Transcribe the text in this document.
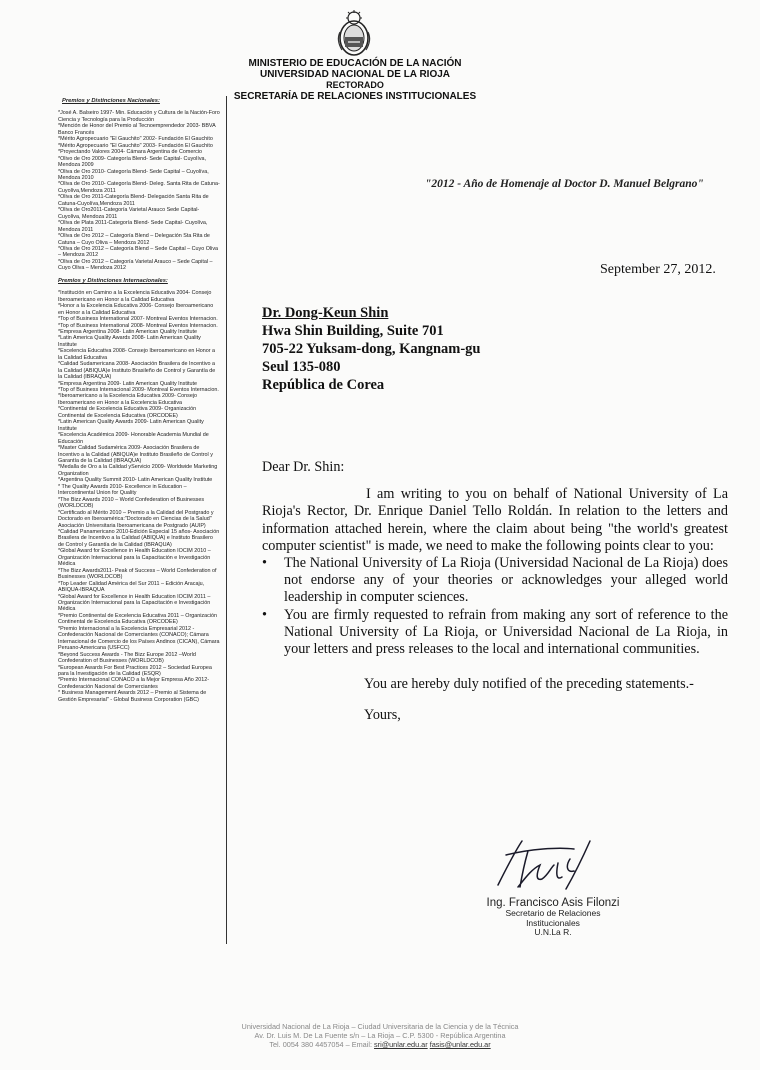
MINISTERIO DE EDUCACIÓN DE LA NACIÓN
UNIVERSIDAD NACIONAL DE LA RIOJA
RECTORADO
SECRETARÍA DE RELACIONES INSTITUCIONALES
Premios y Distinciones Nacionales:
*José A. Balseiro 1997- Min. Educación y Cultura de la Nación-Foro Ciencia y Tecnología para la Producción
*Mención de Honor del Premio al Tecnoemprendedor 2003- BBVA Banco Francés
*Mérito Agropecuario "El Gauchito" 2002- Fundación El Gauchito
*Mérito Agropecuario "El Gauchito" 2003- Fundación El Gauchito
*Proyectando Valores 2004- Cámara Argentina de Comercio
*Olivo de Oro 2009- Categoría Blend- Sede Capital- Cuyolíva, Mendoza 2009
*Oliva de Oro 2010- Categoría Blend- Sede Capital – Cuyolíva, Mendoza 2010
*Oliva de Oro 2010- Categoría Blend- Deleg. Santa Rita de Catuna- Cuyolíva,Mendoza 2011
*Oliva de Oro 2011-Categoría Blend- Delegación Santa Rita de Catuna-Cuyolíva,Mendoza 2011
*Oliva de Oro2011-Categoría Varietal Arauco Sede Capital- Cuyolíva, Mendoza 2011
*Oliva de Plata 2011-Categoría Blend- Sede Capital- Cuyolíva, Mendoza 2011
*Oliva de Oro 2012 – Categoría Blend – Delegación Sta Rita de Catuna – Cuyo Oliva – Mendoza 2012
*Oliva de Oro 2012 – Categoría Blend – Sede Capital – Cuyo Oliva – Mendoza 2012
*Oliva de Oro 2012 – Categoría Varietal Arauco – Sede Capital – Cuyo Oliva – Mendoza 2012
Premios y Distinciones Internacionales:
*Institución en Camino a la Excelencia Educativa 2004- Consejo Iberoamericano en Honor a la Calidad Educativa
*Honor a la Excelencia Educativa 2006- Consejo Iberoamericano en Honor a la Calidad Educativa
*Top of Business International 2007- Montreal Eventos Internacion.
*Top of Business International 2008- Montreal Eventos Internacion.
*Empresa Argentina 2008- Latin American Quality Institute
*Latin America Quality Awards 2008- Latin American Quality Institute
*Excelencia Educativa 2008- Consejo Iberoamericano en Honor a la Calidad Educativa
*Calidad Sudamericana 2008- Asociación Brasilera de Incentivo a la Calidad (ABIQUA)e Instituto Brasileño de Control y Garantía de la Calidad (IBRAQUA)
*Empresa Argentina 2009- Latin American Quality Institute
*Top of Business Internacional 2009- Montreal Eventos Internacion.
*Iberoamericano a la Excelencia Educativa 2009- Consejo Iberoamericano en Honor a la Excelencia Educativa
*Continental de Excelencia Educativa 2009- Organización Continental de Excelencia Educativa (ORCODEE)
*Latin American Quality Awards 2009- Latin American Quality Institute
*Excelencia Académica 2009- Honorable Academia Mundial de Educación
*Master Calidad Sudamérica 2009- Asociación Brasilera de Incentivo a la Calidad (ABIQUA)e Instituto Brasileño de Control y Garantía de la Calidad (IBRAQUA)
*Medalla de Oro a la Calidad yServicio 2009- Worldwide Marketing Organization
*Argentina Quality Summit 2010- Latin American Quality Institute
* The Quality Awards 2010- Excellence in Education – Intercontinental Union for Quality
*The Bizz Awards 2010 – World Confederation of Businesses (WORLDCOB)
*Certificado al Mérito 2010 – Premio a la Calidad del Postgrado y Doctorado en Iberoamérica:"Doctorado en Ciencias de la Salud" Asociación Universitaria Iberoamericana de Postgrado (AUIP)
*Calidad Panamericano 2010-Edición Especial 15 años- Asociación Brasilera de Incentivo a la Calidad (ABIQUA) e Instituto Brasilero de Control y Garantía de la Calidad (IBRAQUA)
*Global Award for Excellence in Health Education IOCIM 2010 – Organización Internacional para la Capacitación e Investigación Médica
*The Bizz Awards2011- Peak of Success – World Confederation of Businesses (WORLDCOB)
*Top Leader Calidad América del Sur 2011 – Edición Aracaju, ABIQUA-IBRAQUA
*Global Award for Excellence in Health Education IOCIM 2011 – Organización Internacional para la Capacitación e Investigación Médica
*Premio Continental de Excelencia Educativa 2011 – Organización Continental de Excelencia Educativa (ORCODEE)
*Premio Internacional a la Excelencia Empresarial 2012 - Confederación Nacional de Comerciantes (CONACO); Cámara Internacional de Comercio de los Países Andinos (CICAN), Cámara Peruano-Americana (USFCC)
*Beyond Success Awards - The Bizz Europe 2012 –World Confederation of Businesses (WORLDCOB)
*European Awards For Best Practices 2012 – Sociedad Europea para la Investigación de la Calidad (ESQR)
*Premio Internacional CONACO a la Mejor Empresa Año 2012- Confederación Nacional de Comerciantes
* Business Management Awards 2012 – Premio al Sistema de Gestión Empresarial" - Global Business Corporation (GBC)
"2012 - Año de Homenaje al Doctor D. Manuel Belgrano"
September 27, 2012.
Dr. Dong-Keun Shin
Hwa Shin Building, Suite 701
705-22 Yuksam-dong, Kangnam-gu
Seul 135-080
República de Corea

Dear Dr. Shin:

I am writing to you on behalf of National University of La Rioja's Rector, Dr. Enrique Daniel Tello Roldán. In relation to the letters and information attached herein, where the claim about being "the world's greatest computer scientist" is made, we need to make the following points clear to you:

• The National University of La Rioja (Universidad Nacional de La Rioja) does not endorse any of your theories or acknowledges your alleged world leadership in computer sciences.
• You are firmly requested to refrain from making any sort of reference to the National University of La Rioja, or Universidad Nacional de La Rioja, in your letters and press releases to the local and international communities.

You are hereby duly notified of the preceding statements.-

Yours,

Ing. Francisco Asis Filonzi
Secretario de Relaciones
Institucionales
U.N.La R.
Universidad Nacional de La Rioja – Ciudad Universitaria de la Ciencia y de la Técnica
Av. Dr. Luis M. De La Fuente s/n – La Rioja – C.P. 5300 - República Argentina
Tel. 0054 380 4457054 – Email: sri@unlar.edu.ar fasis@unlar.edu.ar
